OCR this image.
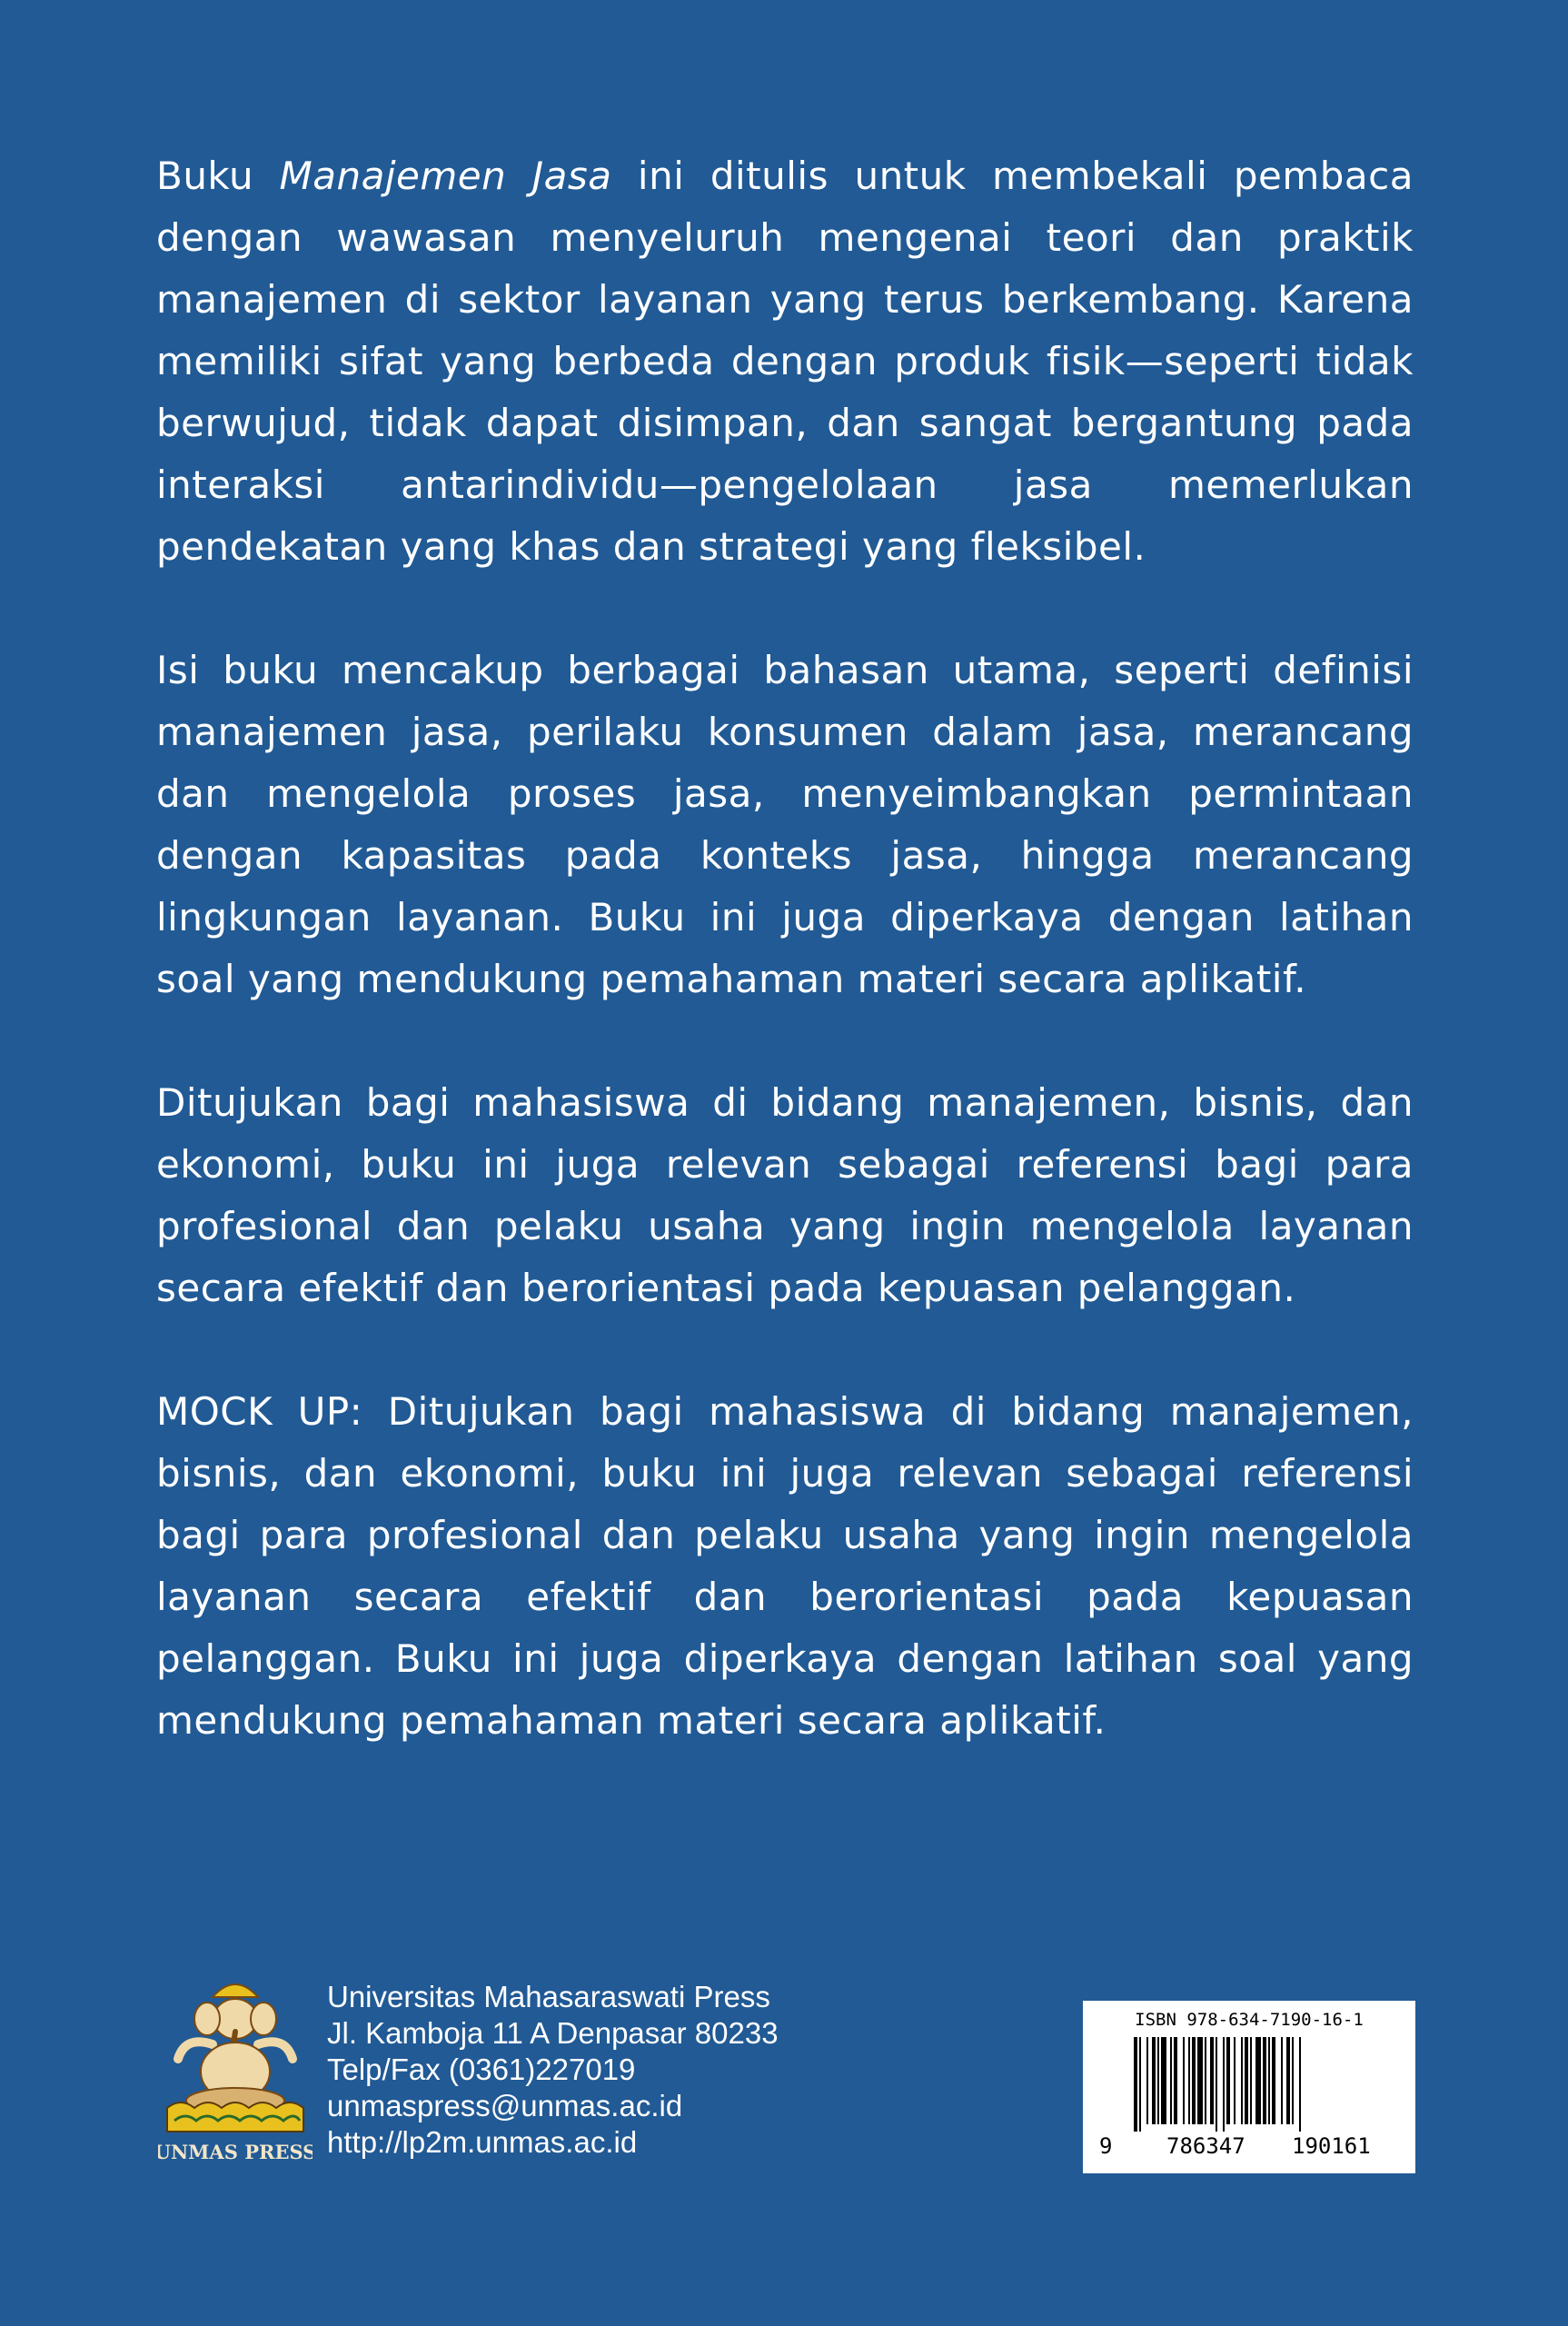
Buku Manajemen Jasa ini ditulis untuk membekali pembaca dengan wawasan menyeluruh mengenai teori dan praktik manajemen di sektor layanan yang terus berkembang. Karena memiliki sifat yang berbeda dengan produk fisik—seperti tidak berwujud, tidak dapat disimpan, dan sangat bergantung pada interaksi antarindividu—pengelolaan jasa memerlukan pendekatan yang khas dan strategi yang fleksibel.

Isi buku mencakup berbagai bahasan utama, seperti definisi manajemen jasa, perilaku konsumen dalam jasa, merancang dan mengelola proses jasa, menyeimbangkan permintaan dengan kapasitas pada konteks jasa, hingga merancang lingkungan layanan. Buku ini juga diperkaya dengan latihan soal yang mendukung pemahaman materi secara aplikatif.

Ditujukan bagi mahasiswa di bidang manajemen, bisnis, dan ekonomi, buku ini juga relevan sebagai referensi bagi para profesional dan pelaku usaha yang ingin mengelola layanan secara efektif dan berorientasi pada kepuasan pelanggan.

MOCK UP: Ditujukan bagi mahasiswa di bidang manajemen, bisnis, dan ekonomi, buku ini juga relevan sebagai referensi bagi para profesional dan pelaku usaha yang ingin mengelola layanan secara efektif dan berorientasi pada kepuasan pelanggan. Buku ini juga diperkaya dengan latihan soal yang mendukung pemahaman materi secara aplikatif.

UNMAS PRESS
Universitas Mahasaraswati Press
Jl. Kamboja 11 A Denpasar 80233
Telp/Fax (0361)227019
unmaspress@unmas.ac.id
http://lp2m.unmas.ac.id
ISBN 978-634-7190-16-1
9 786347 190161
